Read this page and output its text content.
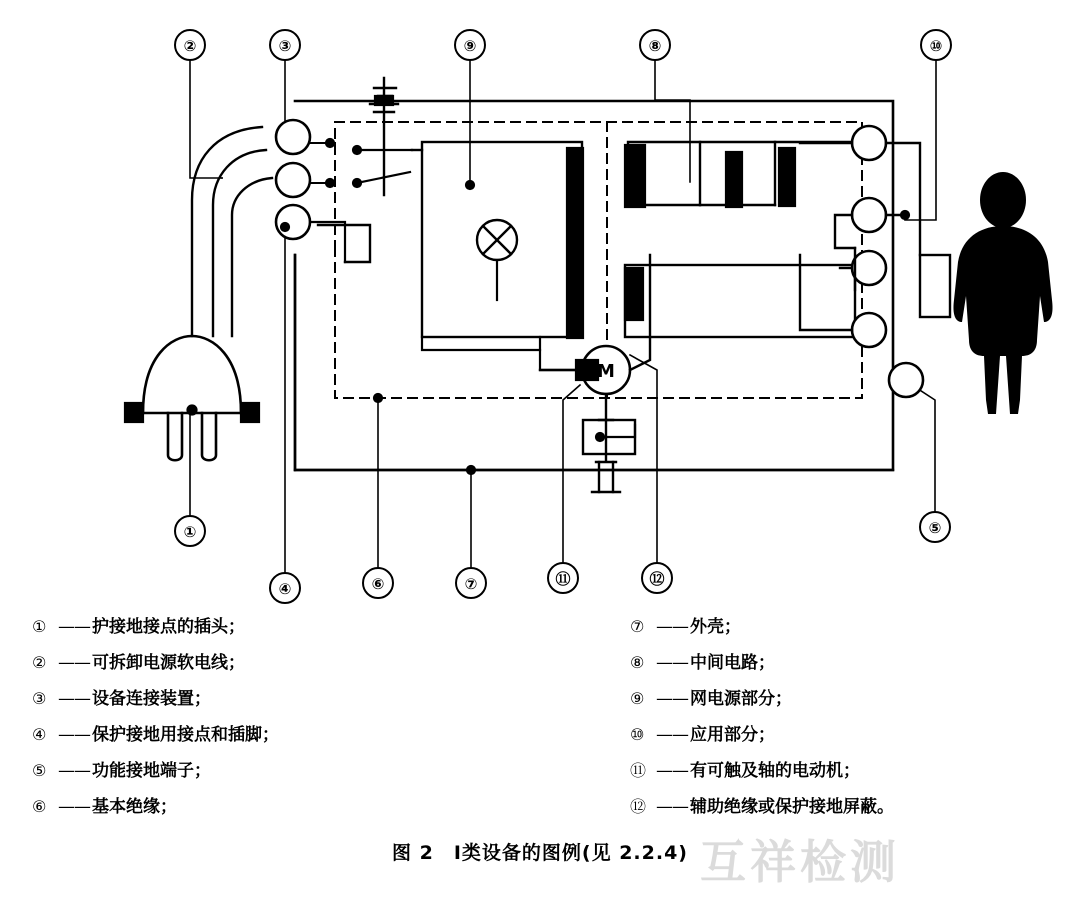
M
②	③	⑨	⑧	⑩
①
④	⑥	⑦	⑪	⑫
⑤
① —— 护接地接点的插头；
② —— 可拆卸电源软电线；
③ —— 设备连接装置；
④ —— 保护接地用接点和插脚；
⑤ —— 功能接地端子；
⑥ —— 基本绝缘；
⑦ —— 外壳；
⑧ —— 中间电路；
⑨ —— 网电源部分；
⑩ —— 应用部分；
⑪ —— 有可触及轴的电动机；
⑫ —— 辅助绝缘或保护接地屏蔽。
图 2　Ⅰ类设备的图例(见 2.2.4) 互祥检测
